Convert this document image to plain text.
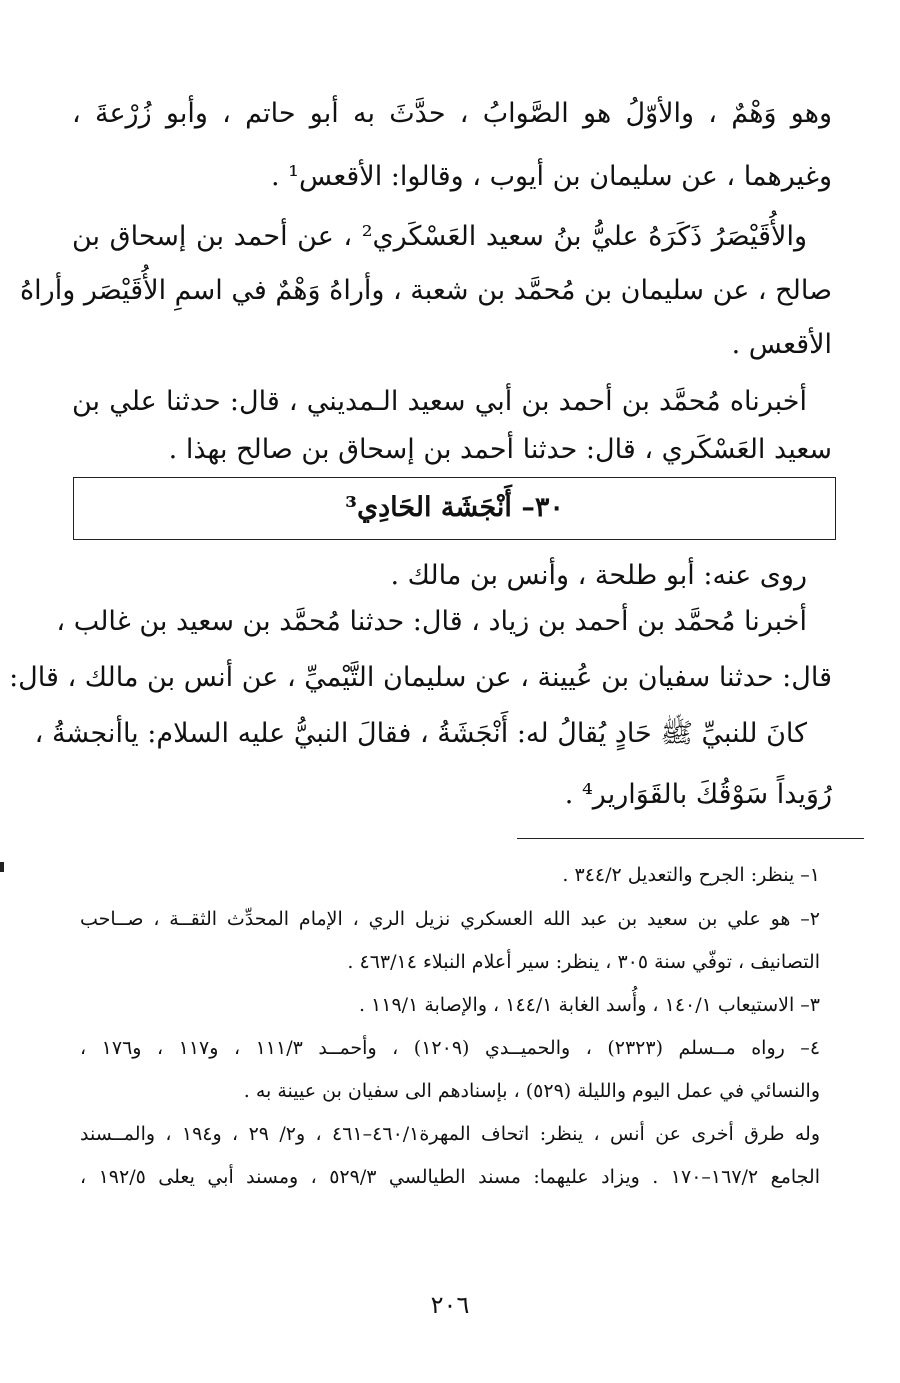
وهو وَهْمٌ ، والأوّلُ هو الصَّوابُ ، حدَّثَ به أبو حاتم ، وأبو زُرْعةَ ،
وغيرهما ، عن سليمان بن أيوب ، وقالوا: الأقعس¹ .
والأُقَيْصَرُ ذَكَرَهُ عليُّ بنُ سعيد العَسْكَري² ، عن أحمد بن إسحاق بن
صالح ، عن سليمان بن مُحمَّد بن شعبة ، وأراهُ وَهْمٌ في اسمِ الأُقَيْصَر وأراهُ
الأقعس .
أخبرناه مُحمَّد بن أحمد بن أبي سعيد الـمديني ، قال: حدثنا علي بن
سعيد العَسْكَري ، قال: حدثنا أحمد بن إسحاق بن صالح بهذا .
٣٠– أَنْجَشَة الحَادِي³
روى عنه: أبو طلحة ، وأنس بن مالك .
أخبرنا مُحمَّد بن أحمد بن زياد ، قال: حدثنا مُحمَّد بن سعيد بن غالب ،
قال: حدثنا سفيان بن عُيينة ، عن سليمان التَّيْميِّ ، عن أنس بن مالك ، قال:
كانَ للنبيِّ ﷺ حَادٍ يُقالُ له: أَنْجَشَةُ ، فقالَ النبيُّ عليه السلام: ياأنجشةُ ،
رُوَيداً سَوْقُكَ بالقَوَارير⁴ .
١– ينظر: الجرح والتعديل ٣٤٤/٢ .
٢– هو علي بن سعيد بن عبد الله العسكري نزيل الري ، الإمام المحدِّث الثقــة ، صــاحب
التصانيف ، توفّي سنة ٣٠٥ ، ينظر: سير أعلام النبلاء ٤٦٣/١٤ .
٣– الاستيعاب ١٤٠/١ ، وأُسد الغابة ١٤٤/١ ، والإصابة ١١٩/١ .
٤– رواه مــسلم (٢٣٢٣) ، والحميــدي (١٢٠٩) ، وأحمــد ١١١/٣ ، و١١٧ ، و١٧٦ ،
والنسائي في عمل اليوم والليلة (٥٢٩) ، بإسنادهم الى سفيان بن عيينة به .
وله طرق أخرى عن أنس ، ينظر: اتحاف المهرة٤٦٠/١–٤٦١ ، و٢/ ٢٩ ، و١٩٤ ، والمــسند
الجامع ١٦٧/٢–١٧٠ . ويزاد عليهما: مسند الطيالسي ٥٢٩/٣ ، ومسند أبي يعلى ١٩٢/٥ ،
٢٠٦
